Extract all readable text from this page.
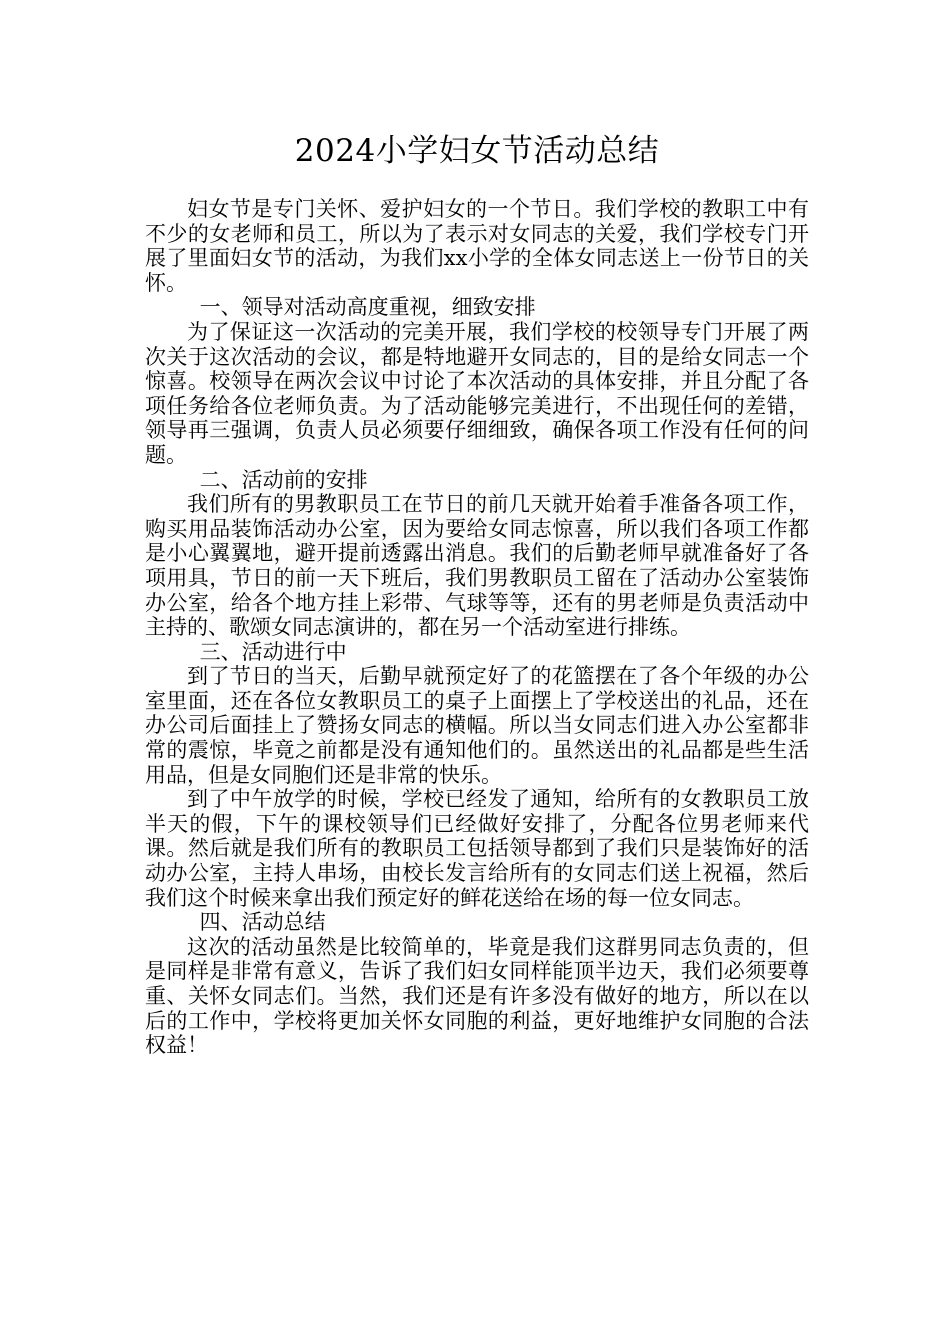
2024小学妇女节活动总结

妇女节是专门关怀、爱护妇女的一个节日。我们学校的教职工中有不少的女老师和员工，所以为了表示对女同志的关爱，我们学校专门开展了里面妇女节的活动，为我们xx小学的全体女同志送上一份节日的关怀。

一、领导对活动高度重视，细致安排

为了保证这一次活动的完美开展，我们学校的校领导专门开展了两次关于这次活动的会议，都是特地避开女同志的，目的是给女同志一个惊喜。校领导在两次会议中讨论了本次活动的具体安排，并且分配了各项任务给各位老师负责。为了活动能够完美进行，不出现任何的差错，领导再三强调，负责人员必须要仔细细致，确保各项工作没有任何的问题。

二、活动前的安排

我们所有的男教职员工在节日的前几天就开始着手准备各项工作，购买用品装饰活动办公室，因为要给女同志惊喜，所以我们各项工作都是小心翼翼地，避开提前透露出消息。我们的后勤老师早就准备好了各项用具，节日的前一天下班后，我们男教职员工留在了活动办公室装饰办公室，给各个地方挂上彩带、气球等等，还有的男老师是负责活动中主持的、歌颂女同志演讲的，都在另一个活动室进行排练。

三、活动进行中

到了节日的当天，后勤早就预定好了的花篮摆在了各个年级的办公室里面，还在各位女教职员工的桌子上面摆上了学校送出的礼品，还在办公司后面挂上了赞扬女同志的横幅。所以当女同志们进入办公室都非常的震惊，毕竟之前都是没有通知他们的。虽然送出的礼品都是些生活用品，但是女同胞们还是非常的快乐。

到了中午放学的时候，学校已经发了通知，给所有的女教职员工放半天的假，下午的课校领导们已经做好安排了，分配各位男老师来代课。然后就是我们所有的教职员工包括领导都到了我们只是装饰好的活动办公室，主持人串场，由校长发言给所有的女同志们送上祝福，然后我们这个时候来拿出我们预定好的鲜花送给在场的每一位女同志。

四、活动总结

这次的活动虽然是比较简单的，毕竟是我们这群男同志负责的，但是同样是非常有意义，告诉了我们妇女同样能顶半边天，我们必须要尊重、关怀女同志们。当然，我们还是有许多没有做好的地方，所以在以后的工作中，学校将更加关怀女同胞的利益，更好地维护女同胞的合法权益！
